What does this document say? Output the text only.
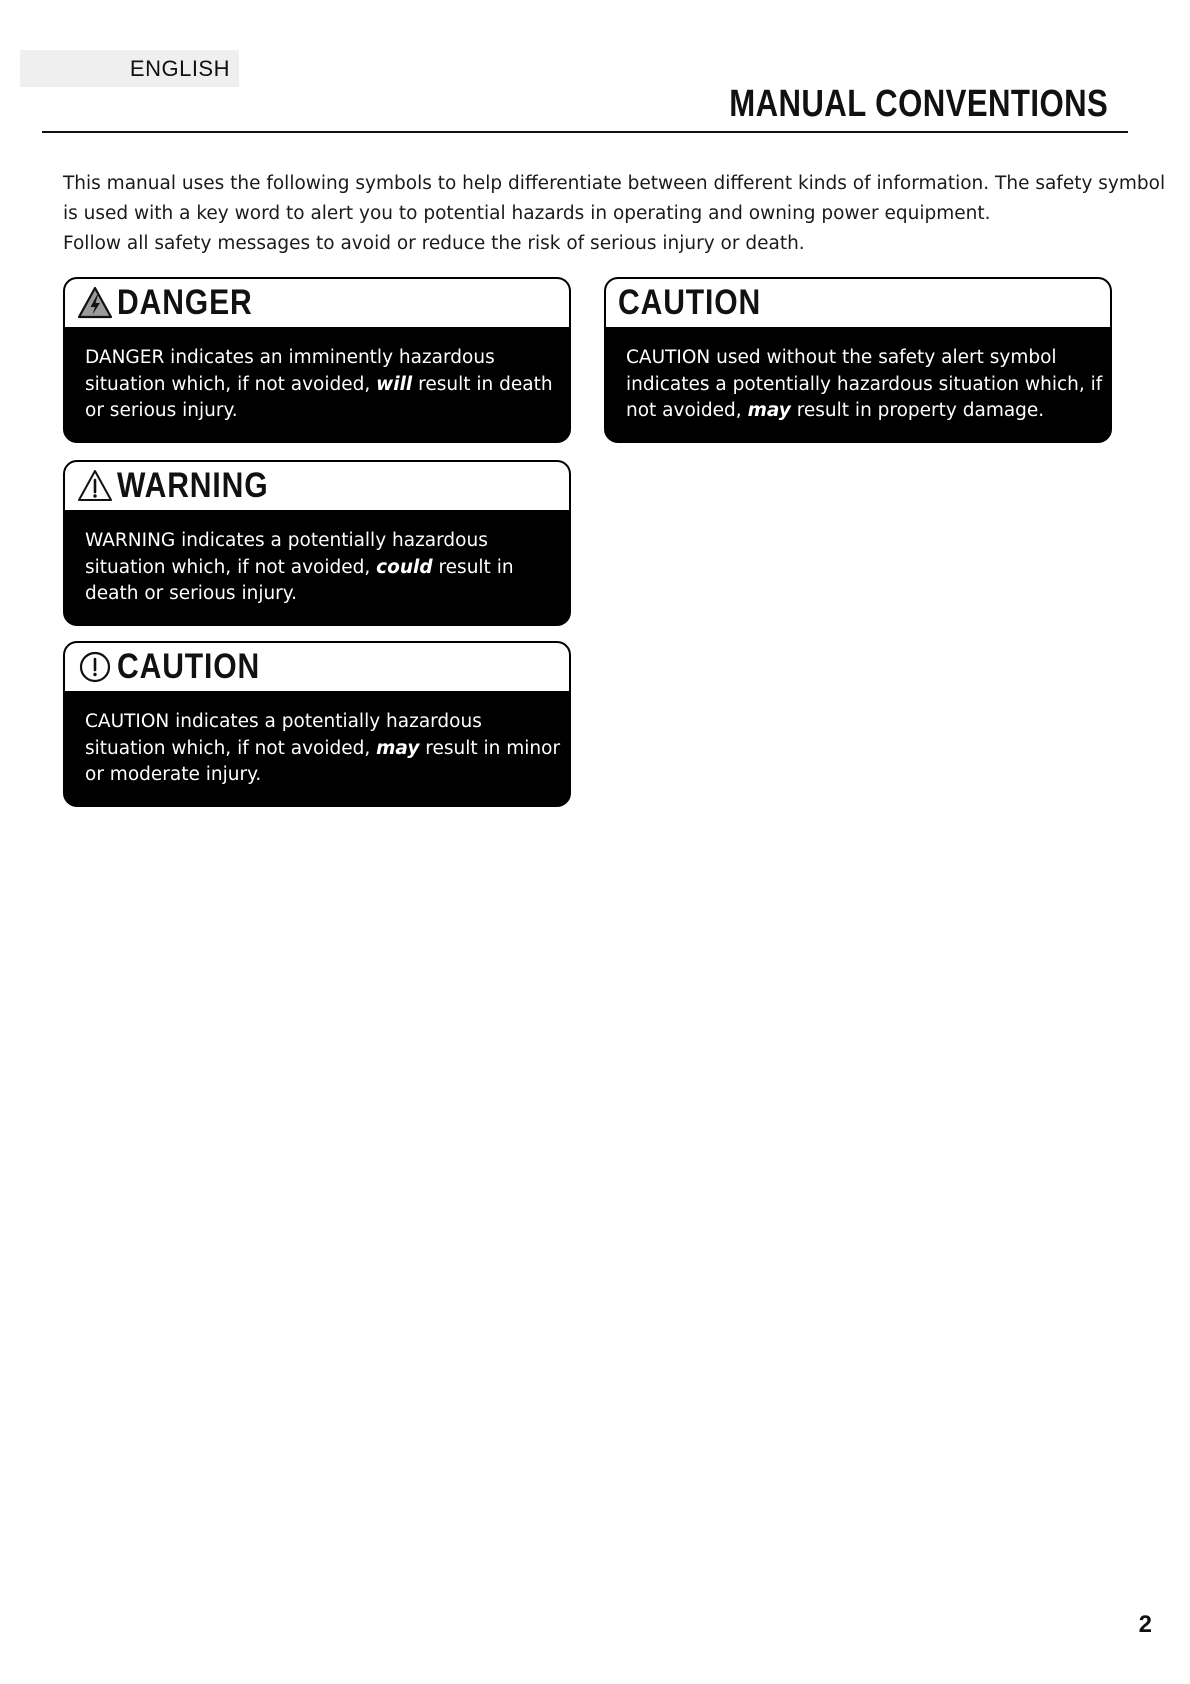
ENGLISH
MANUAL CONVENTIONS

This manual uses the following symbols to help differentiate between different kinds of information. The safety symbol

is used with a key word to alert you to potential hazards in operating and owning power equipment.

Follow all safety messages to avoid or reduce the risk of serious injury or death.

DANGER

DANGER indicates an imminently hazardous

situation which, if not avoided, will result in death

or serious injury.

WARNING

WARNING indicates a potentially hazardous

situation which, if not avoided, could result in

death or serious injury.

CAUTION

CAUTION indicates a potentially hazardous

situation which, if not avoided, may result in minor

or moderate injury.

CAUTION

CAUTION used without the safety alert symbol

indicates a potentially hazardous situation which, if

not avoided, may result in property damage.

2
